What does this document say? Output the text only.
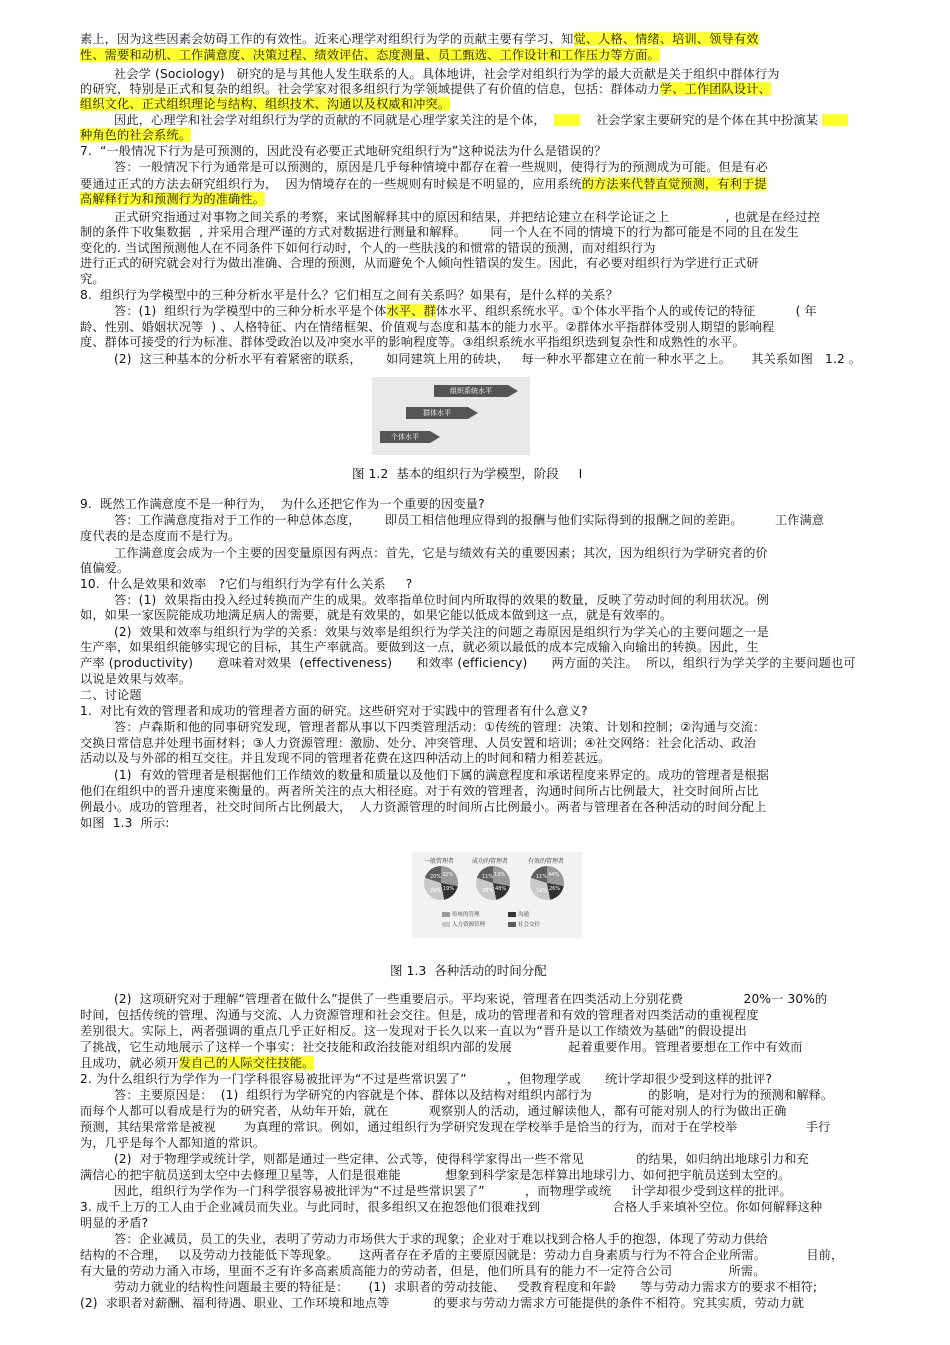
素上，因为这些因素会妨碍工作的有效性。近来心理学对组织行为学的贡献主要有学习、知觉、人格、情绪、培训、领导有效
性、需要和动机、工作满意度、决策过程、绩效评估、态度测量、员工甄选、工作设计和工作压力等方面。
社会学 (Sociology)   研究的是与其他人发生联系的人。具体地讲，社会学对组织行为学的最大贡献是关于组织中群体行为
的研究，特别是正式和复杂的组织。社会学家对很多组织行为学领域提供了有价值的信息，包括：群体动力学、工作团队设计、
组织文化、正式组织理论与结构、组织技术、沟通以及权威和冲突。
因此，心理学和社会学对组织行为学的贡献的不同就是心理学家关注的是个体，      社会学家主要研究的是个体在其中扮演某
种角色的社会系统。
7.  “一般情况下行为是可预测的，因此没有必要正式地研究组织行为”这种说法为什么是错误的？
答：一般情况下行为通常是可以预测的，原因是几乎每种情境中都存在着一些规则，使得行为的预测成为可能。但是有必
要通过正式的方法去研究组织行为，  因为情境存在的一些规则有时候是不明显的，应用系统的方法来代替直觉预测，有利于提
高解释行为和预测行为的准确性。
正式研究指通过对事物之间关系的考察，来试图解释其中的原因和结果，并把结论建立在科学论证之上              , 也就是在经过控
制的条件下收集数据  , 并采用合理严谨的方式对数据进行测量和解释。      同一个人在不同的情境下的行为都可能是不同的且在发生
变化的. 当试图预测他人在不同条件下如何行动时，个人的一些肤浅的和惯常的错误的预测，而对组织行为
进行正式的研究就会对行为做出准确、合理的预测，从而避免个人倾向性错误的发生。因此，有必要对组织行为学进行正式研
究。
8.  组织行为学模型中的三种分析水平是什么？它们相互之间有关系吗？如果有，是什么样的关系？
答：(1)  组织行为学模型中的三种分析水平是个体水平、群体水平、组织系统水平。①个体水平指个人的或传记的特征          ( 年
龄、性别、婚姻状况等  ) 、人格特征、内在情绪框架、价值观与态度和基本的能力水平。②群体水平指群体受别人期望的影响程
度、群体可接受的行为标准、群体受政治以及冲突水平的影响程度等。③组织系统水平指组织迭到复杂性和成熟性的水平。
(2)  这三种基本的分析水平有着紧密的联系，      如同建筑上用的砖块，   每一种水平都建立在前一种水平之上。     其关系如图   1.2 。
9.  既然工作满意度不是一种行为，  为什么还把它作为一个重要的因变量?
答：工作满意度指对于工作的一种总体态度，      即员工相信他理应得到的报酬与他们实际得到的报酬之间的差距。        工作满意
度代表的是态度而不是行为。
工作满意度会成为一个主要的因变量原因有两点：首先，它是与绩效有关的重要因素；其次，因为组织行为学研究者的价
值偏爱。
10.  什么是效果和效率   ?它们与组织行为学有什么关系     ?
答：(1)  效果指由投入经过转换而产生的成果。效率指单位时间内所取得的效果的数量，反映了劳动时间的利用状况。例
如，如果一家医院能成功地满足病人的需要，就是有效果的，如果它能以低成本做到这一点，就是有效率的。
(2)  效果和效率与组织行为学的关系：效果与效率是组织行为学关注的问题之毒原因是组织行为学关心的主要问题之一是
生产率，如果组织能够实现它的目标，其生产率就高。要做到这一点，就必须以最低的成本完成输入向输出的转换。因此，生
产率 (productivity)      意味着对效果  (effectiveness)      和效率 (efficiency)      两方面的关注。  所以，组织行为学关学的主要问题也可
以说是效果与效率。
二、讨论题
1.  对比有效的管理者和成功的管理者方面的研究。这些研究对于实践中的管理者有什么意义?
答：卢森斯和他的同事研究发现，管理者都从事以下四类管理活动：①传统的管理：决策、计划和控制；②沟通与交流：
交换日常信息并处理书面材料；③人力资源管理：激励、处分、冲突管理、人员安置和培训；④社交网络：社会化活动、政治
活动以及与外部的相互交往。并且发现不同的管理者花费在这四种活动上的时间和精力相差甚远。
(1)  有效的管理者是根据他们工作绩效的数量和质量以及他们下属的满意程度和承诺程度来界定的。成功的管理者是根据
他们在组织中的晋升速度来衡量的。两者所关注的点大相径庭。对于有效的管理者，沟通时间所占比例最大，社交时间所占比
例最小。成功的管理者，社交时间所占比例最大，  人力资源管理的时间所占比例最小。两者与管理者在各种活动的时间分配上
如图  1.3  所示:
(2)  这项研究对于理解“管理者在做什么”提供了一些重要启示。平均来说，管理者在四类活动上分别花费               20%一 30%的
时间，包括传统的管理、沟通与交流、人力资源管理和社会交往。但是，成功的管理者和有效的管理者对四类活动的重视程度
差别很大。实际上，两者强调的重点几乎正好相反。这一发现对于长久以来一直以为“晋升是以工作绩效为基础”的假设提出
了挑战，它生动地展示了这样一个事实：社交技能和政治技能对组织内部的发展              起着重要作用。管理者要想在工作中有效而
且成功，就必须开发自己的人际交往技能。
2. 为什么组织行为学作为一门学科很容易被批评为“不过是些常识罢了”          ，但物理学或      统计学却很少受到这样的批评?
答：主要原因是：  (1)  组织行为学研究的内容就是个体、群体以及结构对组织内部行为              的影响，是对行为的预测和解释。
而每个人都可以看成是行为的研究者，从幼年开始，就在          观察别人的活动，通过解读他人，都有可能对别人的行为做出正确
预测，其结果常常是被视       为真理的常识。例如，通过组织行为学研究发现在学校举手是恰当的行为，而对于在学校举                 手行
为，几乎是每个人都知道的常识。
(2)  对于物理学或统计学，则都是通过一些定律、公式等，使得科学家得出一些不常见             的结果，如归纳出地球引力和充
满信心的把宇航员送到太空中去修理卫星等，人们是很难能           想象到科学家是怎样算出地球引力、如何把宇航员送到太空的。
因此，组织行为学作为一门科学很容易被批评为“不过是些常识罢了”          ，而物理学或统     计学却很少受到这样的批评。
3. 成千上万的工人由于企业减员而失业。与此同时，很多组织又在抱怨他们很难找到                  合格人手来填补空位。你如何解释这种
明显的矛盾?
答：企业减员，员工的失业，表明了劳动力市场供大于求的现象；企业对于难以找到合格人手的抱怨，体现了劳动力供给
结构的不合理，   以及劳动力技能低下等现象。     这两者存在矛盾的主要原因就是：劳动力自身素质与行为不符合企业所需。          目前，
有大量的劳动力涌入市场，里面不乏有许多高素质高能力的劳动者，但是，他们所具有的能力不一定符合公司              所需。
劳动力就业的结构性问题最主要的特征是：     (1)  求职者的劳动技能、   受教育程度和年龄      等与劳动力需求方的要求不相符;
(2)  求职者对薪酬、福利待遇、职业、工作环境和地点等           的要求与劳动力需求方可能提供的条件不相符。究其实质，劳动力就
组织系统水平
群体水平
个体水平
图 1.2  基本的组织行为学模型，阶段     I
一般管理者	成功的管理者	有效的管理者
32%
19%
29%
20%	13%
48%
28%
11%	44%
26%
19%
11%
传统的管理	沟通
人力资源管理	社会交往
图 1.3  各种活动的时间分配
